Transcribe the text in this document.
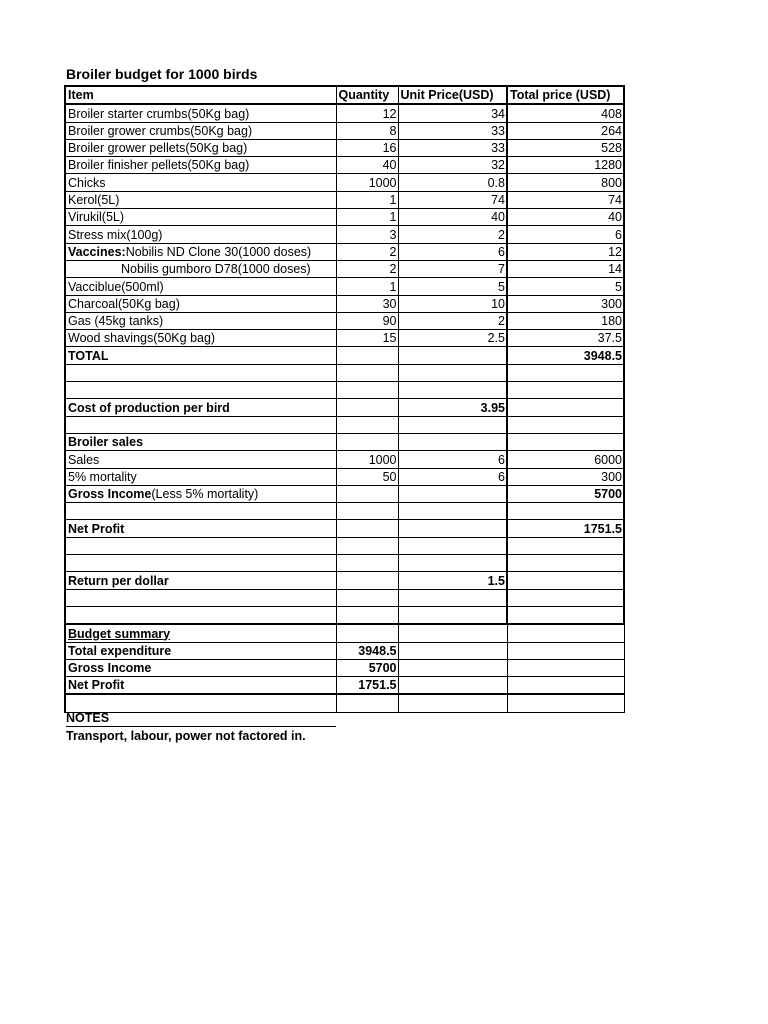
Broiler budget for 1000 birds
Item	Quantity	Unit Price(USD)	Total price (USD)
Broiler starter crumbs(50Kg bag)	12	34	408
Broiler grower crumbs(50Kg bag)	8	33	264
Broiler grower pellets(50Kg bag)	16	33	528
Broiler finisher pellets(50Kg bag)	40	32	1280
Chicks	1000	0.8	800
Kerol(5L)	1	74	74
Virukil(5L)	1	40	40
Stress mix(100g)	3	2	6
Vaccines:Nobilis ND Clone 30(1000 doses)	2	6	12
Nobilis gumboro D78(1000 doses)	2	7	14
Vacciblue(500ml)	1	5	5
Charcoal(50Kg bag)	30	10	300
Gas (45kg tanks)	90	2	180
Wood shavings(50Kg bag)	15	2.5	37.5
TOTAL			3948.5

Cost of production per bird		3.95	

Broiler sales			
Sales	1000	6	6000
5% mortality	50	6	300
Gross Income(Less 5% mortality)			5700

Net Profit			1751.5

Return per dollar		1.5	

Budget summary			
Total expenditure	3948.5		
Gross Income	5700		
Net Profit	1751.5		

NOTES
Transport, labour, power not factored in.
